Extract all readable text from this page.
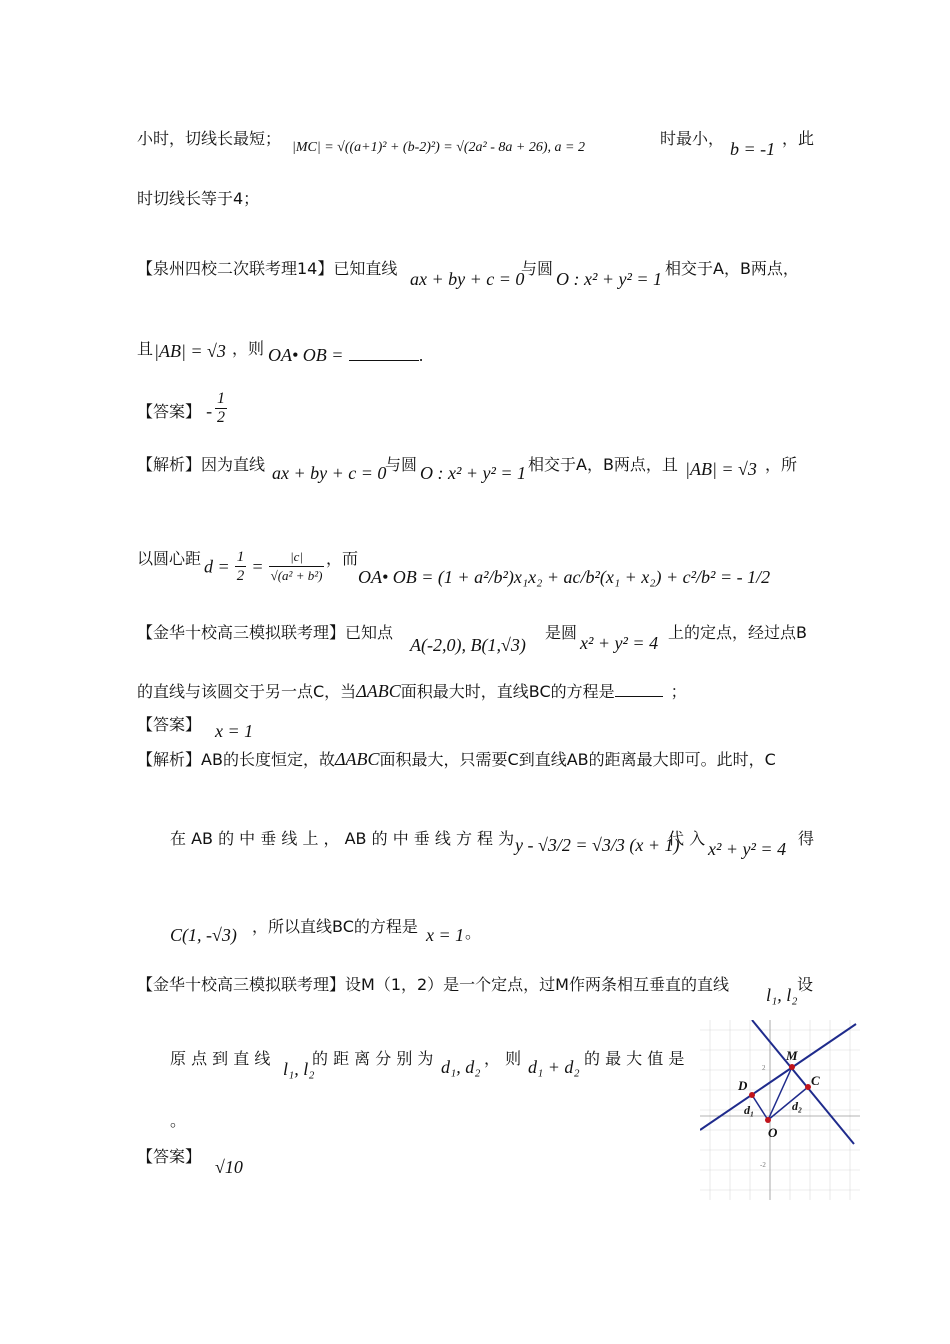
小时，切线长最短； |MC| = √((a+1)² + (b-2)²) = √(2a² - 8a + 26), a = 2	时最小，
b = -1
，此
时切线长等于4；
【泉州四校二次联考理14】已知直线
ax + by + c = 0
与圆
O : x² + y² = 1
相交于A，B两点，
且 |AB| = √3 ，则 OA• OB =	.
【答案】 - $\frac{1}{2}$
【解析】因为直线 ax + by + c = 0
与圆 O : x² + y² = 1 相交于A，B两点，且 |AB| = √3 ，所
以圆心距 $d = \frac{1}{2} = \frac{|c|}{\text{√(a² + b²)}}$ ，而
OA• OB = (1 + a²/b²)x₁x₂ + ac/b²(x₁ + x₂) + c²/b² = - 1/2
【金华十校高三模拟联考理】已知点
A(-2,0), B(1,√3)
是圆
x² + y² = 4
上的定点，经过点B
的直线与该圆交于另一点C，当ΔABC面积最大时，直线BC的方程是	；
【答案】 x = 1
【解析】AB的长度恒定，故ΔABC面积最大，只需要C到直线AB的距离最大即可。此时，C
在 AB 的 中 垂 线 上 ， AB 的 中 垂 线 方 程 为 y - √3/2 = √3/3 (x + 1)
代 入
x² + y² = 4
得
C(1, -√3) ，所以直线BC的方程是 x = 1 。
【金华十校高三模拟联考理】设M（1，2）是一个定点，过M作两条相互垂直的直线
l₁, l₂
设
原 点 到 直 线
l₁, l₂
的 距 离 分 别 为 d₁, d₂ ， 则 d₁ + d₂ 的 最 大 值 是
。
【答案】
√10
2
-2
M
D	C
O
d₁	d₂
